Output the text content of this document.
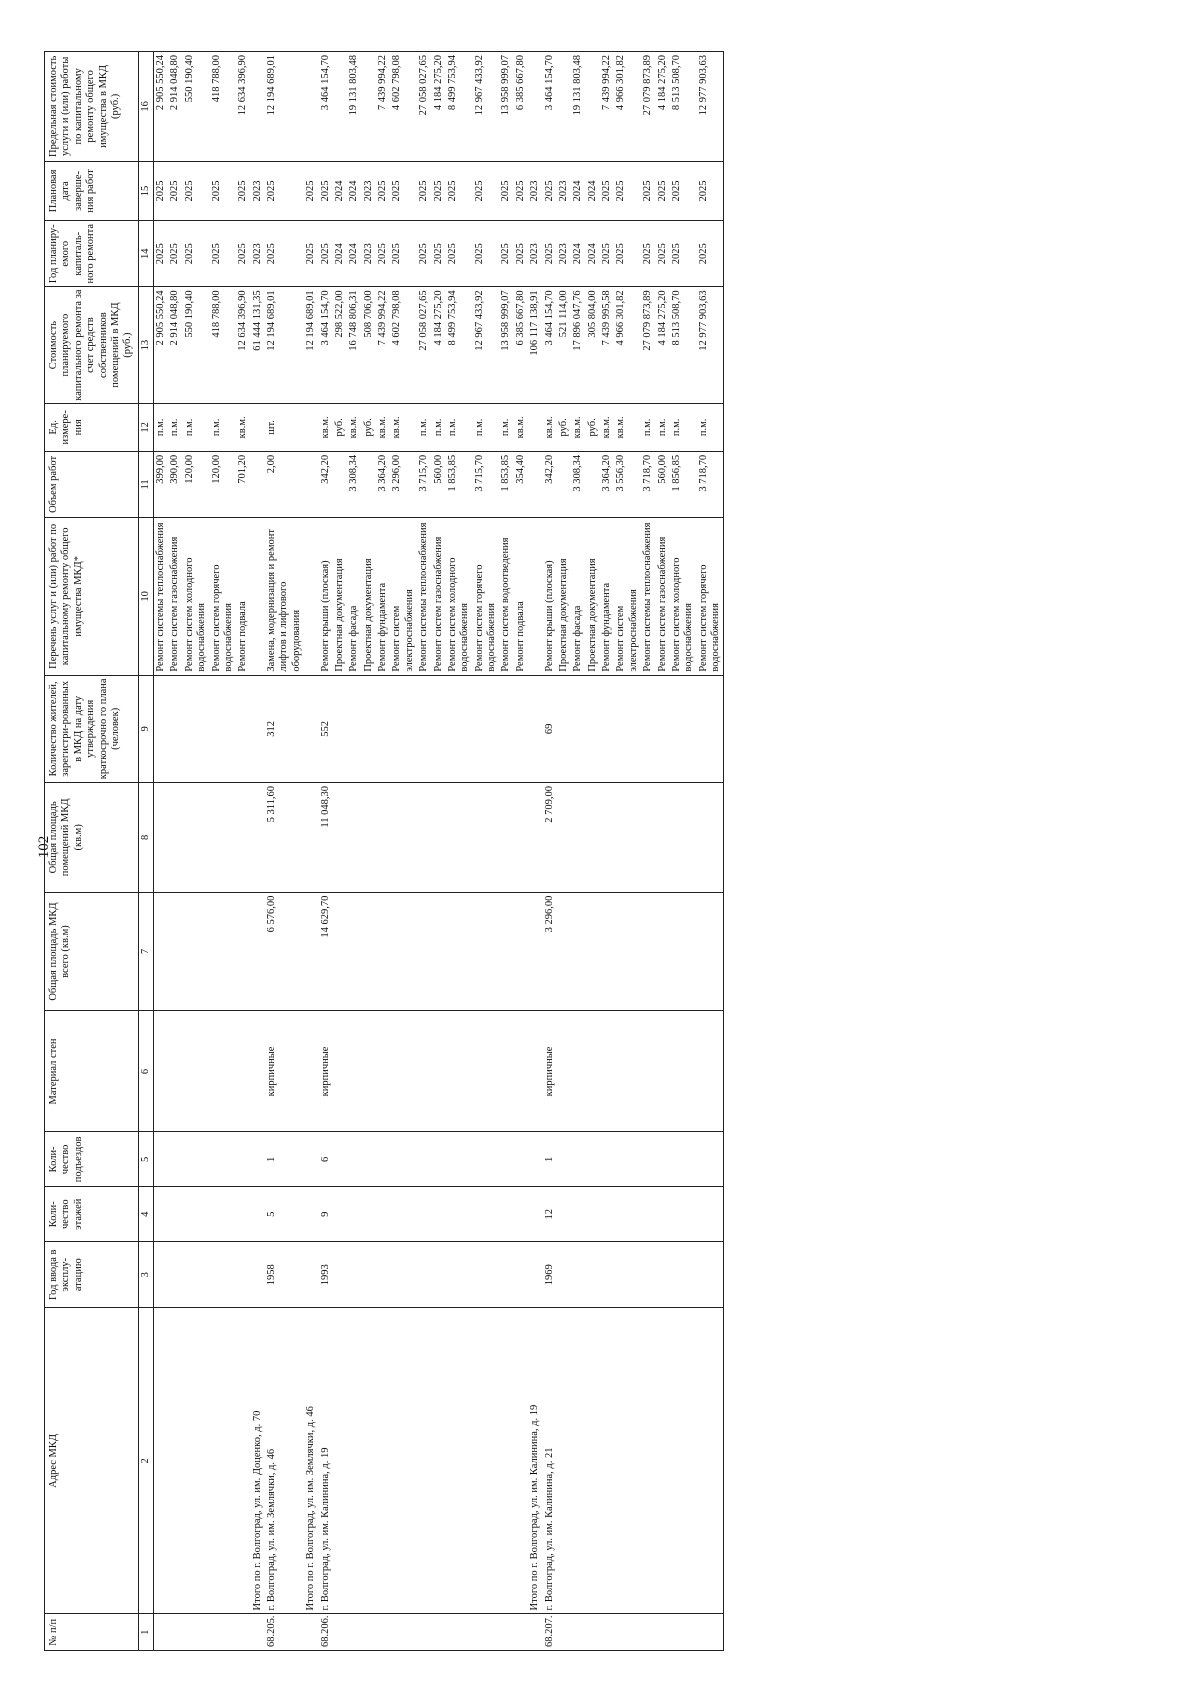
102
№ п/п	Адрес МКД	Год ввода в эксплу-атацию	Коли-чество этажей	Коли-чество подъездов	Материал стен	Общая площадь МКД всего (кв.м)	Общая площадь помещений МКД (кв.м)	Количество жителей, зарегистри-рованных в МКД на дату утверждения краткосрочно го плана (человек)	Перечень услуг и (или) работ по капитальному ремонту общего имущества МКД*	Объем работ	Ед. измере-ния	Стоимость планируемого капитального ремонта за счет средств собственников помещений в МКД (руб.)	Год планиру-емого капиталь-ного ремонта	Плановая дата заверше-ния работ	Предельная стоимость услуги и (или) работы по капитальному ремонту общего имущества в МКД (руб.)
1	2	3	4	5	6	7	8	9	10	11	12	13	14	15	16
									Ремонт системы теплоснабжения	399,00	п.м.	2 905 550,24	2025	2025	2 905 550,24
									Ремонт систем газоснабжения	390,00	п.м.	2 914 048,80	2025	2025	2 914 048,80
									Ремонт систем холодного водоснабжения	120,00	п.м.	550 190,40	2025	2025	550 190,40
									Ремонт систем горячего водоснабжения	120,00	п.м.	418 788,00	2025	2025	418 788,00
									Ремонт подвала	701,20	кв.м.	12 634 396,90	2025	2025	12 634 396,90
	Итого по г. Волгоград, ул. им. Доценко, д. 70											61 444 131,35	2023	2023	
68.205.	г. Волгоград, ул. им. Землячки, д. 46	1958	5	1	кирпичные	6 576,00	5 311,60	312	Замена, модернизация и ремонт лифтов и лифтового оборудования	2,00	шт.	12 194 689,01	2025	2025	12 194 689,01
	Итого по г. Волгоград, ул. им. Землячки, д. 46											12 194 689,01	2025	2025	
68.206.	г. Волгоград, ул. им. Калинина, д. 19	1993	9	6	кирпичные	14 629,70	11 048,30	552	Ремонт крыши (плоская)	342,20	кв.м.	3 464 154,70	2025	2025	3 464 154,70
									Проектная документация		руб.	298 522,00	2024	2024	
									Ремонт фасада	3 308,34	кв.м.	16 748 806,31	2024	2024	19 131 803,48
									Проектная документация		руб.	508 706,00	2023	2023	
									Ремонт фундамента	3 364,20	кв.м.	7 439 994,22	2025	2025	7 439 994,22
									Ремонт систем электроснабжения	3 296,00	кв.м.	4 602 798,08	2025	2025	4 602 798,08
									Ремонт системы теплоснабжения	3 715,70	п.м.	27 058 027,65	2025	2025	27 058 027,65
									Ремонт систем газоснабжения	560,00	п.м.	4 184 275,20	2025	2025	4 184 275,20
									Ремонт систем холодного водоснабжения	1 853,85	п.м.	8 499 753,94	2025	2025	8 499 753,94
									Ремонт систем горячего водоснабжения	3 715,70	п.м.	12 967 433,92	2025	2025	12 967 433,92
									Ремонт систем водоотведения	1 853,85	п.м.	13 958 999,07	2025	2025	13 958 999,07
									Ремонт подвала	354,40	кв.м.	6 385 667,80	2025	2025	6 385 667,80
	Итого по г. Волгоград, ул. им. Калинина, д. 19											106 117 138,91	2023	2023	
68.207.	г. Волгоград, ул. им. Калинина, д. 21	1969	12	1	кирпичные	3 296,00	2 709,00	69	Ремонт крыши (плоская)	342,20	кв.м.	3 464 154,70	2025	2025	3 464 154,70
									Проектная документация		руб.	521 114,00	2023	2023	
									Ремонт фасада	3 308,34	кв.м.	17 896 047,76	2024	2024	19 131 803,48
									Проектная документация		руб.	305 804,00	2024	2024	
									Ремонт фундамента	3 364,20	кв.м.	7 439 995,58	2025	2025	7 439 994,22
									Ремонт систем электроснабжения	3 556,30	кв.м.	4 966 301,82	2025	2025	4 966 301,82
									Ремонт системы теплоснабжения	3 718,70	п.м.	27 079 873,89	2025	2025	27 079 873,89
									Ремонт систем газоснабжения	560,00	п.м.	4 184 275,20	2025	2025	4 184 275,20
									Ремонт систем холодного водоснабжения	1 856,85	п.м.	8 513 508,70	2025	2025	8 513 508,70
									Ремонт систем горячего водоснабжения	3 718,70	п.м.	12 977 903,63	2025	2025	12 977 903,63
